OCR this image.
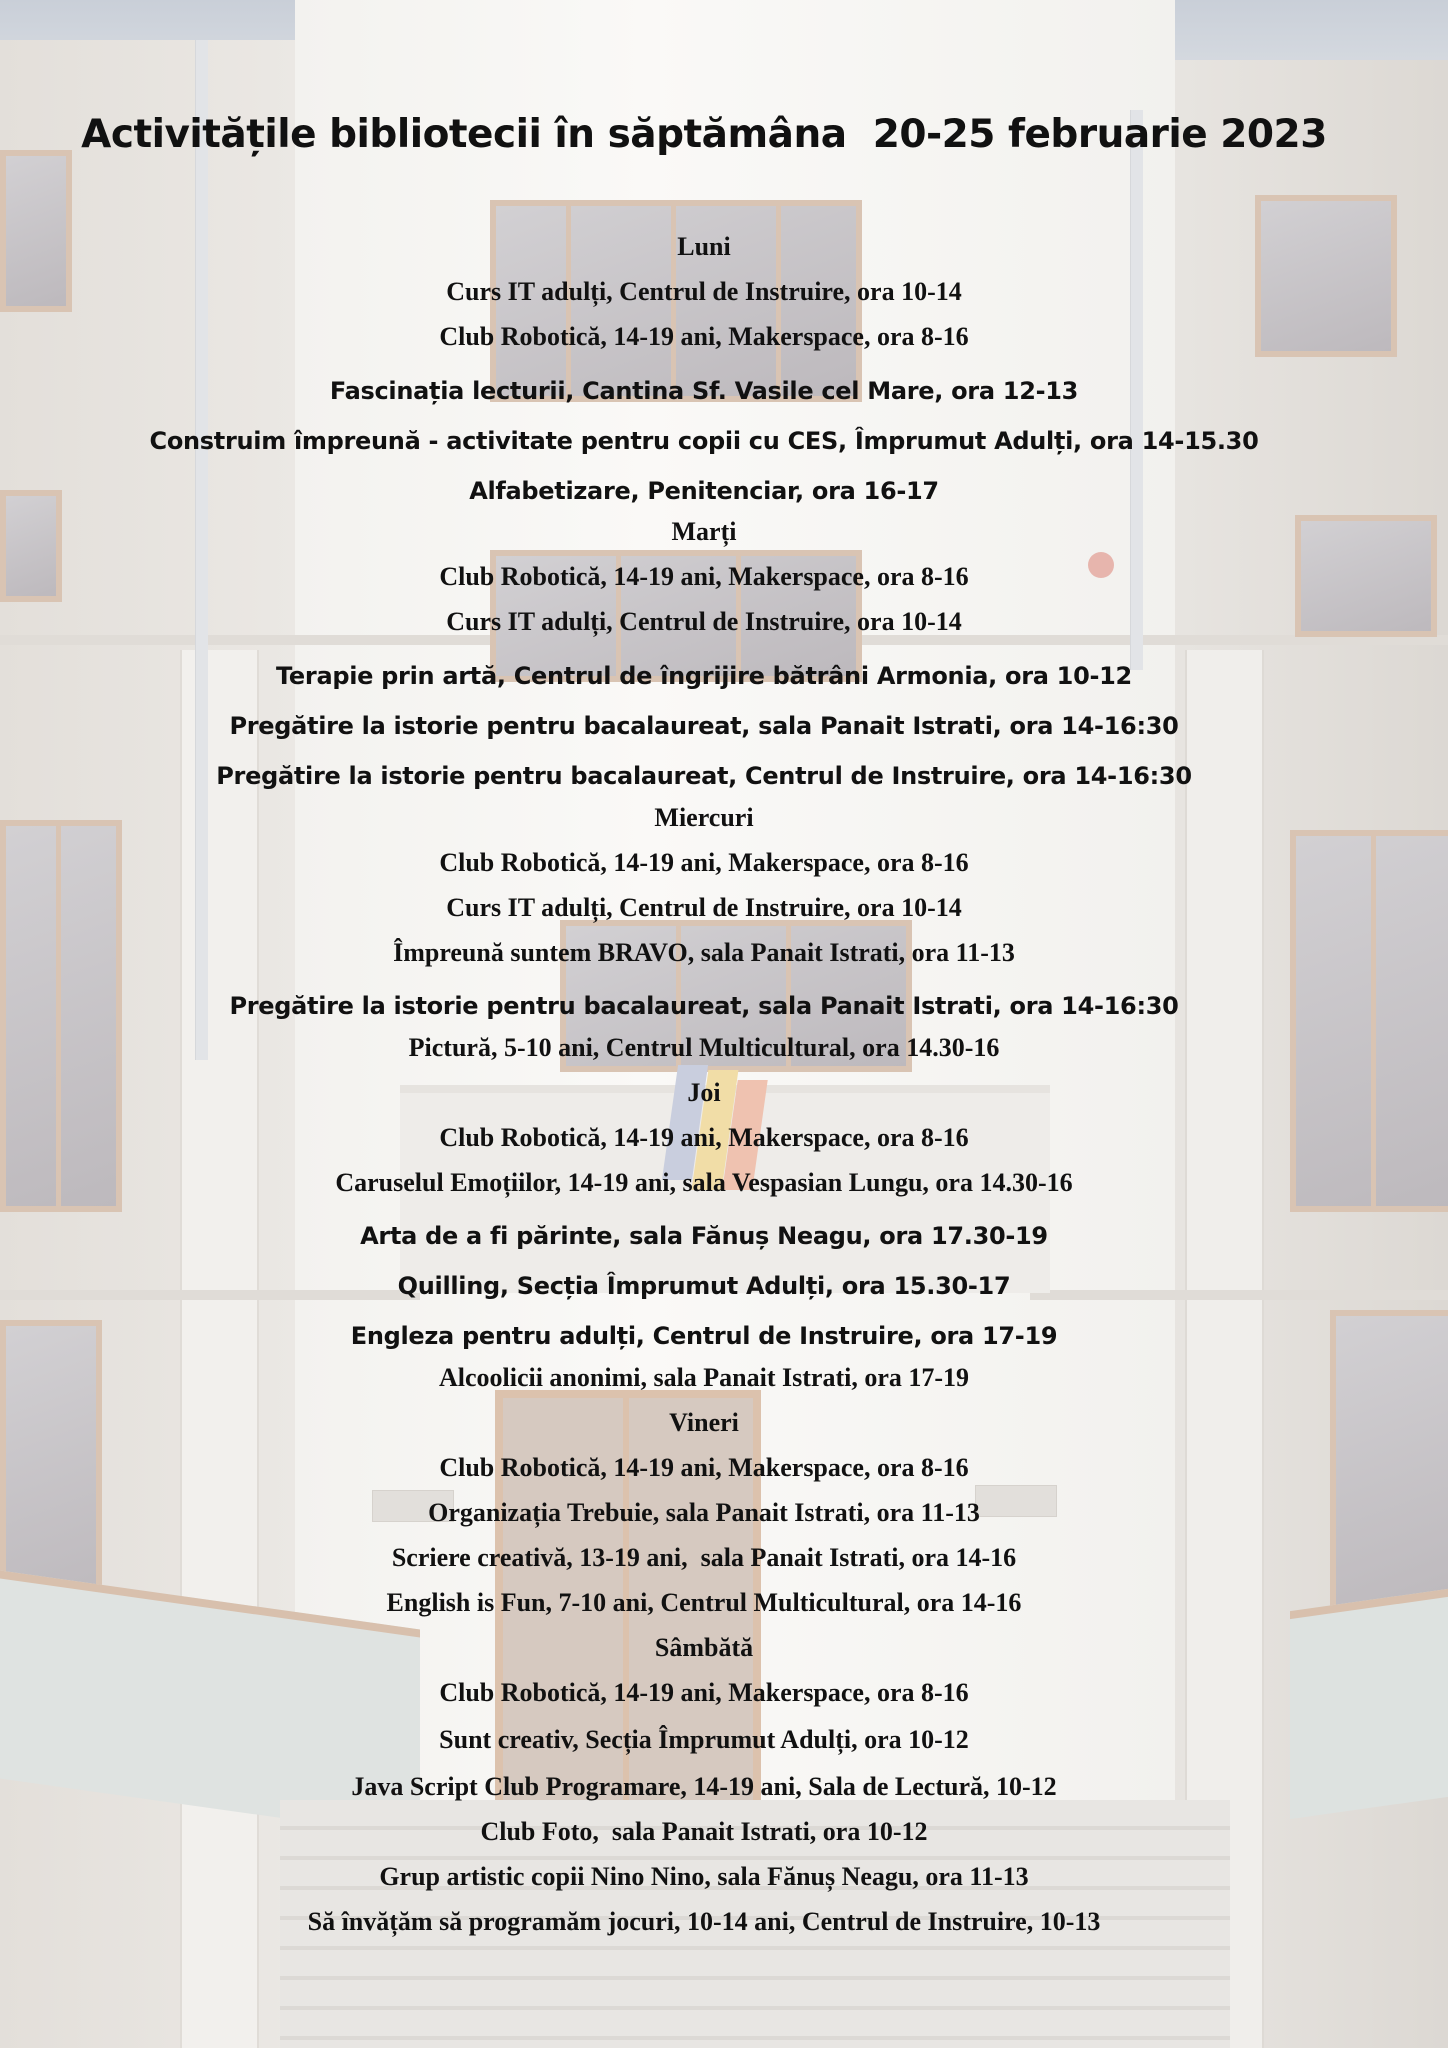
Activitățile bibliotecii în săptămâna  20-25 februarie 2023

Luni

Curs IT adulți, Centrul de Instruire, ora 10-14

Club Robotică, 14-19 ani, Makerspace, ora 8-16

Fascinația lecturii, Cantina Sf. Vasile cel Mare, ora 12-13

Construim împreună - activitate pentru copii cu CES, Împrumut Adulți, ora 14-15.30

Alfabetizare, Penitenciar, ora 16-17

Marți

Club Robotică, 14-19 ani, Makerspace, ora 8-16

Curs IT adulți, Centrul de Instruire, ora 10-14

Terapie prin artă, Centrul de îngrijire bătrâni Armonia, ora 10-12

Pregătire la istorie pentru bacalaureat, sala Panait Istrati, ora 14-16:30

Pregătire la istorie pentru bacalaureat, Centrul de Instruire, ora 14-16:30

Miercuri

Club Robotică, 14-19 ani, Makerspace, ora 8-16

Curs IT adulți, Centrul de Instruire, ora 10-14

Împreună suntem BRAVO, sala Panait Istrati, ora 11-13

Pregătire la istorie pentru bacalaureat, sala Panait Istrati, ora 14-16:30

Pictură, 5-10 ani, Centrul Multicultural, ora 14.30-16

Joi

Club Robotică, 14-19 ani, Makerspace, ora 8-16

Caruselul Emoțiilor, 14-19 ani, sala Vespasian Lungu, ora 14.30-16

Arta de a fi părinte, sala Fănuș Neagu, ora 17.30-19

Quilling, Secția Împrumut Adulți, ora 15.30-17

Engleza pentru adulți, Centrul de Instruire, ora 17-19

Alcoolicii anonimi, sala Panait Istrati, ora 17-19

Vineri

Club Robotică, 14-19 ani, Makerspace, ora 8-16

Organizația Trebuie, sala Panait Istrati, ora 11-13

Scriere creativă, 13-19 ani,  sala Panait Istrati, ora 14-16

English is Fun, 7-10 ani, Centrul Multicultural, ora 14-16

Sâmbătă

Club Robotică, 14-19 ani, Makerspace, ora 8-16

Sunt creativ, Secția Împrumut Adulți, ora 10-12

Java Script Club Programare, 14-19 ani, Sala de Lectură, 10-12

Club Foto,  sala Panait Istrati, ora 10-12

Grup artistic copii Nino Nino, sala Fănuș Neagu, ora 11-13

Să învățăm să programăm jocuri, 10-14 ani, Centrul de Instruire, 10-13
